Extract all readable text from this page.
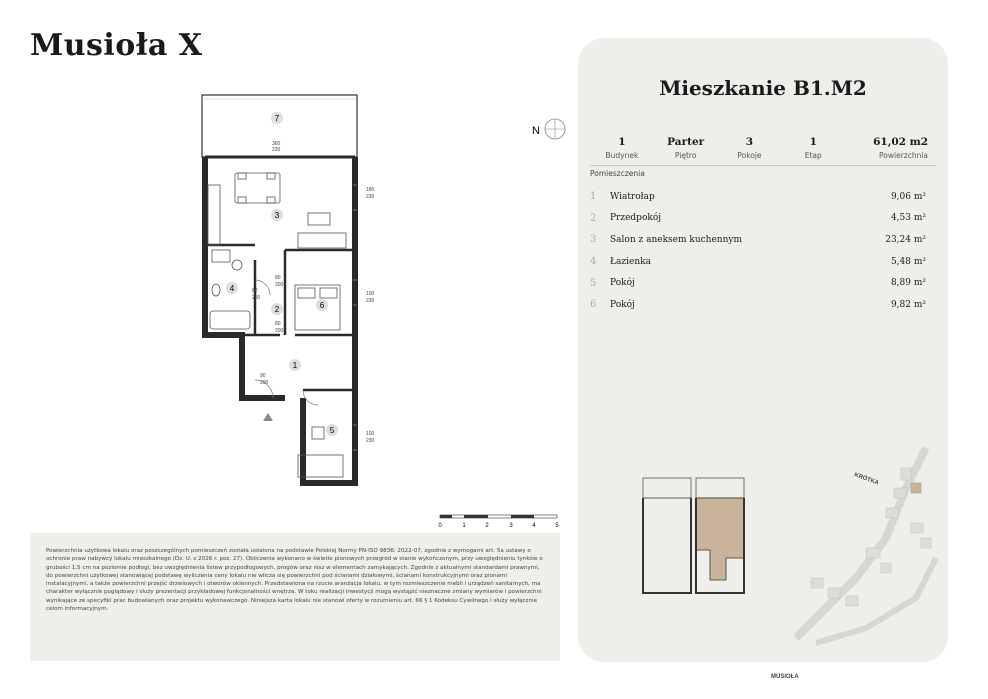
Musioła X
7
3
4
2	6
1
5
180
230
100
230
100
230
80
200
80
200
80
200
90
200
360
230
N
0	1	2	3	4	5
Powierzchnia użytkowa lokalu oraz poszczególnych pomieszczeń została ustalona na podstawie Polskiej Normy PN-ISO 9836: 2022-07, zgodnie z wymogami art. 5a ustawy o ochronie praw nabywcy lokalu mieszkalnego (Dz. U. z 2026 r. poz. 27). Obliczenia wykonano w świetle pionowych przegród w stanie wykończonym, przy uwzględnieniu tynków o grubości 1,5 cm na poziomie podłogi, bez uwzględnienia listew przypodłogowych, progów oraz nisz w elementach zamykających. Zgodnie z aktualnymi standardami prawnymi, do powierzchni użytkowej stanowiącej podstawę wyliczenia ceny lokalu nie wlicza się powierzchni pod ścianami działowymi, ścianami konstrukcyjnymi oraz pionami instalacyjnymi, a także powierzchni przejść drzwiowych i otworów okiennych. Przedstawiona na rzucie aranżacja lokalu, w tym rozmieszczenie mebli i urządzeń sanitarnych, ma charakter wyłącznie poglądowy i służy prezentacji przykładowej funkcjonalności wnętrza. W toku realizacji inwestycji mogą wystąpić nieznaczne zmiany wymiarów i powierzchni wynikające ze specyfiki prac budowlanych oraz projektu wykonawczego. Niniejsza karta lokalu nie stanowi oferty w rozumieniu art. 66 § 1 Kodeksu Cywilnego i służy wyłącznie celom informacyjnym.
Mieszkanie B1.M2
1
Budynek
Parter
Piętro
3
Pokoje
1
Etap
61,02 m2
Powierzchnia
Pomieszczenia
1	Wiatrołap	9,06 m²
2	Przedpokój	4,53 m²
3	Salon z aneksem kuchennym	23,24 m²
4	Łazienka	5,48 m²
5	Pokój	8,89 m²
6	Pokój	9,82 m²
KRÓTKA
MUSIOŁA
